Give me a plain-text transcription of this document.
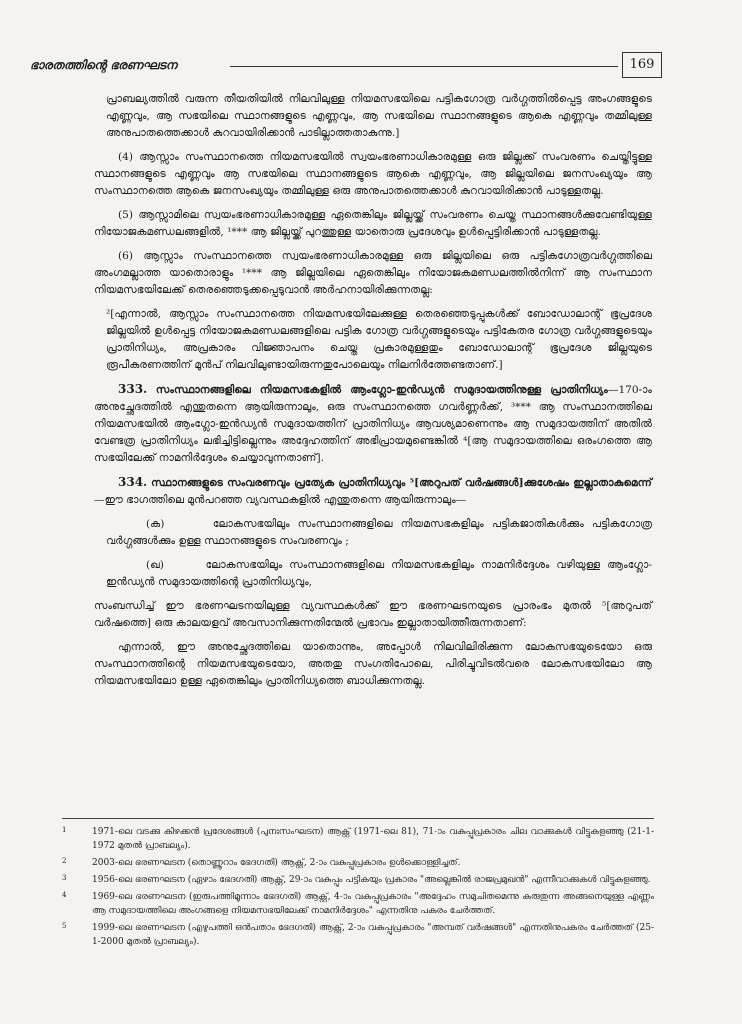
ഭാരതത്തിന്റെ ഭരണഘടന	169

പ്രാബല്യത്തിൽ വരുന്ന തീയതിയിൽ നിലവിലുള്ള നിയമസഭയിലെ പട്ടികഗോത്ര വർഗ്ഗത്തിൽപ്പെട്ട അംഗങ്ങളുടെ എണ്ണവും, ആ സഭയിലെ സ്ഥാനങ്ങളുടെ എണ്ണവും, ആ സഭയിലെ സ്ഥാനങ്ങളുടെ ആകെ എണ്ണവും തമ്മിലുള്ള അനുപാതത്തെക്കാൾ കുറവായിരിക്കാൻ പാടില്ലാത്തതാകുന്നു.]

(4) ആസ്സാം സംസ്ഥാനത്തെ നിയമസഭയിൽ സ്വയംഭരണാധികാരമുള്ള ഒരു ജില്ലക്ക് സംവരണം ചെയ്തിട്ടുള്ള സ്ഥാനങ്ങളുടെ എണ്ണവും ആ സഭയിലെ സ്ഥാനങ്ങളുടെ ആകെ എണ്ണവും, ആ ജില്ലയിലെ ജനസംഖ്യയും ആ സംസ്ഥാനത്തെ ആകെ ജനസംഖ്യയും തമ്മിലുള്ള ഒരു അനുപാതത്തെക്കാൾ കുറവായിരിക്കാൻ പാടുള്ളതല്ല.

(5) ആസ്സാമിലെ സ്വയംഭരണാധികാരമുള്ള ഏതെങ്കിലും ജില്ലയ്ക്ക് സംവരണം ചെയ്ത സ്ഥാനങ്ങൾക്കുവേണ്ടിയുള്ള നിയോജകമണ്ഡലങ്ങളിൽ, ¹*** ആ ജില്ലയ്ക്ക് പുറത്തുള്ള യാതൊരു പ്രദേശവും ഉൾപ്പെട്ടിരിക്കാൻ പാടുള്ളതല്ല.

(6) ആസ്സാം സംസ്ഥാനത്തെ സ്വയംഭരണാധികാരമുള്ള ഒരു ജില്ലയിലെ ഒരു പട്ടികഗോത്രവർഗ്ഗത്തിലെ അംഗമല്ലാത്ത യാതൊരാളും ¹*** ആ ജില്ലയിലെ ഏതെങ്കിലും നിയോജകമണ്ഡലത്തിൽനിന്ന് ആ സംസ്ഥാന നിയമസഭയിലേക്ക് തെരഞ്ഞെടുക്കപ്പെടുവാൻ അർഹനായിരിക്കുന്നതല്ല:

²[എന്നാൽ, ആസ്സാം സംസ്ഥാനത്തെ നിയമസഭയിലേക്കുള്ള തെരഞ്ഞെടുപ്പുകൾക്ക് ബോഡോലാന്റ് ഭൂപ്രദേശ ജില്ലയിൽ ഉൾപ്പെട്ട നിയോജകമണ്ഡലങ്ങളിലെ പട്ടിക ഗോത്ര വർഗ്ഗങ്ങളുടെയും പട്ടികേതര ഗോത്ര വർഗ്ഗങ്ങളുടെയും പ്രാതിനിധ്യം, അപ്രകാരം വിജ്ഞാപനം ചെയ്ത പ്രകാരമുള്ളതും ബോഡോലാന്റ് ഭൂപ്രദേശ ജില്ലയുടെ രൂപീകരണത്തിന് മുൻപ് നിലവിലുണ്ടായിരുന്നതുപോലെയും നിലനിർത്തേണ്ടതാണ്.]

333. സംസ്ഥാനങ്ങളിലെ നിയമസഭകളിൽ ആംഗ്ലോ-ഇൻഡ്യൻ സമുദായത്തിനുള്ള പ്രാതിനിധ്യം—170-ാം അനുച്ഛേദത്തിൽ എന്തുതന്നെ ആയിരുന്നാലും, ഒരു സംസ്ഥാനത്തെ ഗവർണ്ണർക്ക്, ³*** ആ സംസ്ഥാനത്തിലെ നിയമസഭയിൽ ആംഗ്ലോ-ഇൻഡ്യൻ സമുദായത്തിന് പ്രാതിനിധ്യം ആവശ്യമാണെന്നും ആ സമുദായത്തിന് അതിൽ വേണ്ടത്ര പ്രാതിനിധ്യം ലഭിച്ചിട്ടില്ലെന്നും അദ്ദേഹത്തിന് അഭിപ്രായമുണ്ടെങ്കിൽ ⁴[ആ സമുദായത്തിലെ ഒരംഗത്തെ ആ സഭയിലേക്ക് നാമനിർദ്ദേശം ചെയ്യാവുന്നതാണ്].

334. സ്ഥാനങ്ങളുടെ സംവരണവും പ്രത്യേക പ്രാതിനിധ്യവും ⁵[അറുപത് വർഷങ്ങൾ]ക്കുശേഷം ഇല്ലാതാകുമെന്ന്—ഈ ഭാഗത്തിലെ മുൻപറഞ്ഞ വ്യവസ്ഥകളിൽ എന്തുതന്നെ ആയിരുന്നാലും—

(ക)	ലോകസഭയിലും സംസ്ഥാനങ്ങളിലെ നിയമസഭകളിലും പട്ടികജാതികൾക്കും പട്ടികഗോത്ര വർഗ്ഗങ്ങൾക്കും ഉള്ള സ്ഥാനങ്ങളുടെ സംവരണവും ;

(ഖ)	ലോകസഭയിലും സംസ്ഥാനങ്ങളിലെ നിയമസഭകളിലും നാമനിർദ്ദേശം വഴിയുള്ള ആംഗ്ലോ-ഇൻഡ്യൻ സമുദായത്തിന്റെ പ്രാതിനിധ്യവും,

സംബന്ധിച്ച് ഈ ഭരണഘടനയിലുള്ള വ്യവസ്ഥകൾക്ക് ഈ ഭരണഘടനയുടെ പ്രാരംഭം മുതൽ ⁵[അറുപത് വർഷത്തെ] ഒരു കാലയളവ് അവസാനിക്കുന്നതിന്മേൽ പ്രഭാവം ഇല്ലാതായിത്തീരുന്നതാണ്:

എന്നാൽ, ഈ അനുച്ഛേദത്തിലെ യാതൊന്നും, അപ്പോൾ നിലവിലിരിക്കുന്ന ലോകസഭയുടെയോ ഒരു സംസ്ഥാനത്തിന്റെ നിയമസഭയുടെയോ, അതതു സംഗതിപോലെ, പിരിച്ചുവിടൽവരെ ലോകസഭയിലോ ആ നിയമസഭയിലോ ഉള്ള ഏതെങ്കിലും പ്രാതിനിധ്യത്തെ ബാധിക്കുന്നതല്ല.

1	1971-ലെ വടക്കു കിഴക്കൻ പ്രദേശങ്ങൾ (പുനഃസംഘടന) ആക്റ്റ് (1971-ലെ 81), 71-ാം വകുപ്പുപ്രകാരം ചില വാക്കുകൾ വിട്ടുകളഞ്ഞു (21-1-1972 മുതൽ പ്രാബല്യം).
2	2003-ലെ ഭരണഘടന (തൊണ്ണൂറാം ഭേദഗതി) ആക്റ്റ്, 2-ാം വകുപ്പുപ്രകാരം ഉൾക്കൊള്ളിച്ചത്.
3	1956-ലെ ഭരണഘടന (ഏഴാം ഭേദഗതി) ആക്റ്റ്, 29-ാം വകുപ്പും പട്ടികയും പ്രകാരം "അല്ലെങ്കിൽ രാജപ്രമുഖൻ" എന്നീവാക്കുകൾ വിട്ടുകളഞ്ഞു.
4	1969-ലെ ഭരണഘടന (ഇരുപത്തിമൂന്നാം ഭേദഗതി) ആക്റ്റ്, 4-ാം വകുപ്പുപ്രകാരം "അദ്ദേഹം സമുചിതമെന്നു കരുതുന്ന അങ്ങനെയുള്ള എണ്ണം ആ സമുദായത്തിലെ അംഗങ്ങളെ നിയമസഭയിലേക്ക് നാമനിർദ്ദേശം" എന്നതിനു പകരം ചേർത്തത്.
5	1999-ലെ ഭരണഘടന (എഴുപത്തി ഒൻപതാം ഭേദഗതി) ആക്റ്റ്, 2-ാം വകുപ്പുപ്രകാരം "അമ്പത് വർഷങ്ങൾ" എന്നതിനുപകരം ചേർത്തത് (25-1-2000 മുതൽ പ്രാബല്യം).
